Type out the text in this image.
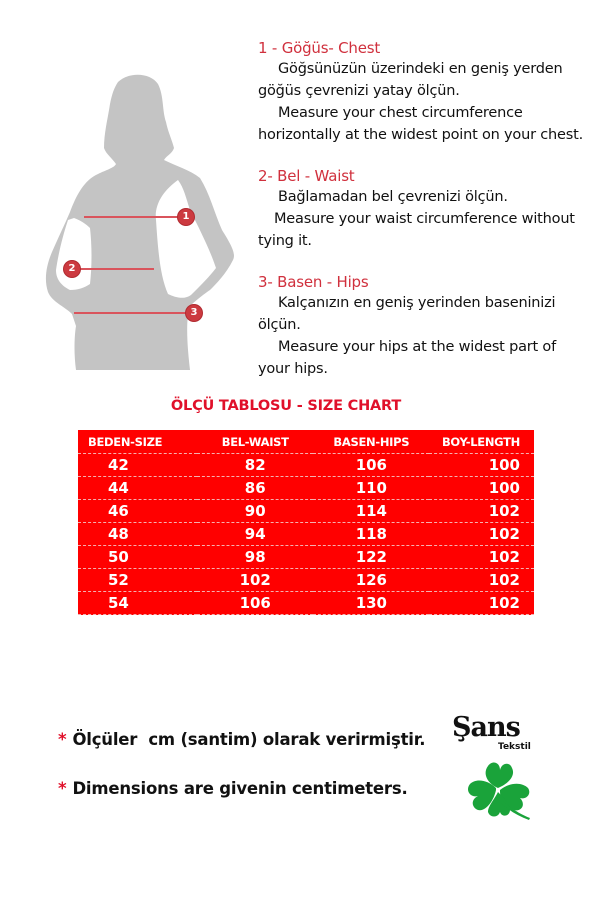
1
2
3
1 - Göğüs- Chest
Göğsünüzün üzerindeki en geniş yerden
göğüs çevrenizi yatay ölçün.
Measure your chest circumference
horizontally at the widest point on your chest.
2- Bel - Waist
Bağlamadan bel çevrenizi ölçün.
Measure your waist circumference without
tying it.
3- Basen - Hips
Kalçanızın en geniş yerinden baseninizi
ölçün.
Measure your hips at the widest part of
your hips.
ÖLÇÜ TABLOSU - SIZE CHART
BEDEN-SIZE	BEL-WAIST	BASEN-HIPS	BOY-LENGTH
42	82	106	100
44	86	110	100
46	90	114	102
48	94	118	102
50	98	122	102
52	102	126	102
54	106	130	102
* Ölçüler  cm (santim) olarak verirmiştir.
* Dimensions are givenin centimeters.
Şans
Tekstil
